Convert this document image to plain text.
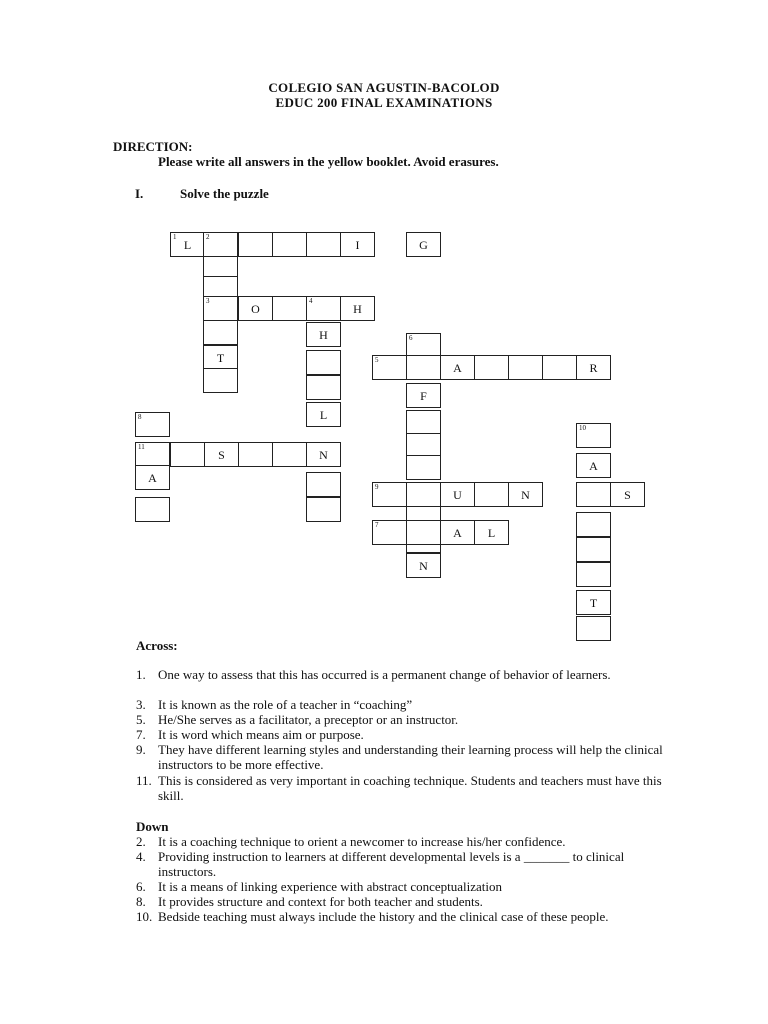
COLEGIO SAN AGUSTIN-BACOLOD
EDUC 200 FINAL EXAMINATIONS
DIRECTION:
Please write all answers in the yellow booklet. Avoid erasures.
I.	Solve the puzzle
1
L
2
I	G
3
O
4
H
T
H
L
6
5
A	R
F
N
8
11
S	N
A
10
A
9
U	N	S
T
7
A	L
Across:
1. One way to assess that this has occurred is a permanent change of behavior of learners.
3. It is known as the role of a teacher in “coaching”
5. He/She serves as a facilitator, a preceptor or an instructor.
7. It is word which means aim or purpose.
9. They have different learning styles and understanding their learning process will help the clinical instructors to be more effective.
11. This is considered as very important in coaching technique. Students and teachers must have this skill.
Down
2. It is a coaching technique to orient a newcomer to increase his/her confidence.
4. Providing instruction to learners at different developmental levels is a _______ to clinical instructors.
6. It is a means of linking experience with abstract conceptualization
8. It provides structure and context for both teacher and students.
10. Bedside teaching must always include the history and the clinical case of these people.
